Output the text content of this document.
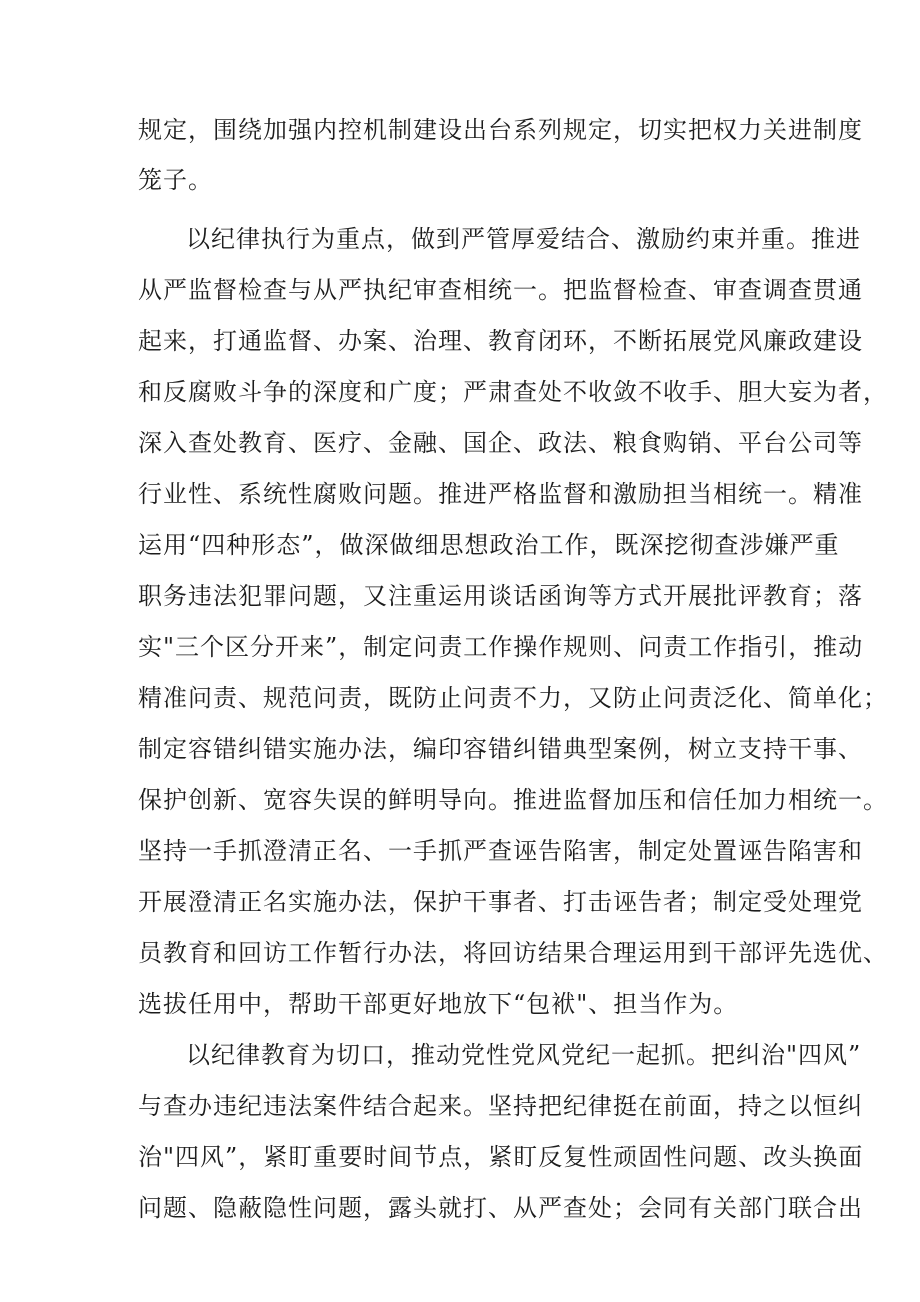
规定，围绕加强内控机制建设出台系列规定，切实把权力关进制度
笼子。
以纪律执行为重点，做到严管厚爱结合、激励约束并重。推进
从严监督检查与从严执纪审查相统一。把监督检查、审查调查贯通
起来，打通监督、办案、治理、教育闭环，不断拓展党风廉政建设
和反腐败斗争的深度和广度；严肃查处不收敛不收手、胆大妄为者，
深入查处教育、医疗、金融、国企、政法、粮食购销、平台公司等
行业性、系统性腐败问题。推进严格监督和激励担当相统一。精准
运用“四种形态”，做深做细思想政治工作，既深挖彻查涉嫌严重
职务违法犯罪问题，又注重运用谈话函询等方式开展批评教育；落
实"三个区分开来”，制定问责工作操作规则、问责工作指引，推动
精准问责、规范问责，既防止问责不力，又防止问责泛化、简单化；
制定容错纠错实施办法，编印容错纠错典型案例，树立支持干事、
保护创新、宽容失误的鲜明导向。推进监督加压和信任加力相统一。
坚持一手抓澄清正名、一手抓严查诬告陷害，制定处置诬告陷害和
开展澄清正名实施办法，保护干事者、打击诬告者；制定受处理党
员教育和回访工作暂行办法，将回访结果合理运用到干部评先选优、
选拔任用中，帮助干部更好地放下“包袱"、担当作为。
以纪律教育为切口，推动党性党风党纪一起抓。把纠治"四风”
与查办违纪违法案件结合起来。坚持把纪律挺在前面，持之以恒纠
治"四风”，紧盯重要时间节点，紧盯反复性顽固性问题、改头换面
问题、隐蔽隐性问题，露头就打、从严查处；会同有关部门联合出
